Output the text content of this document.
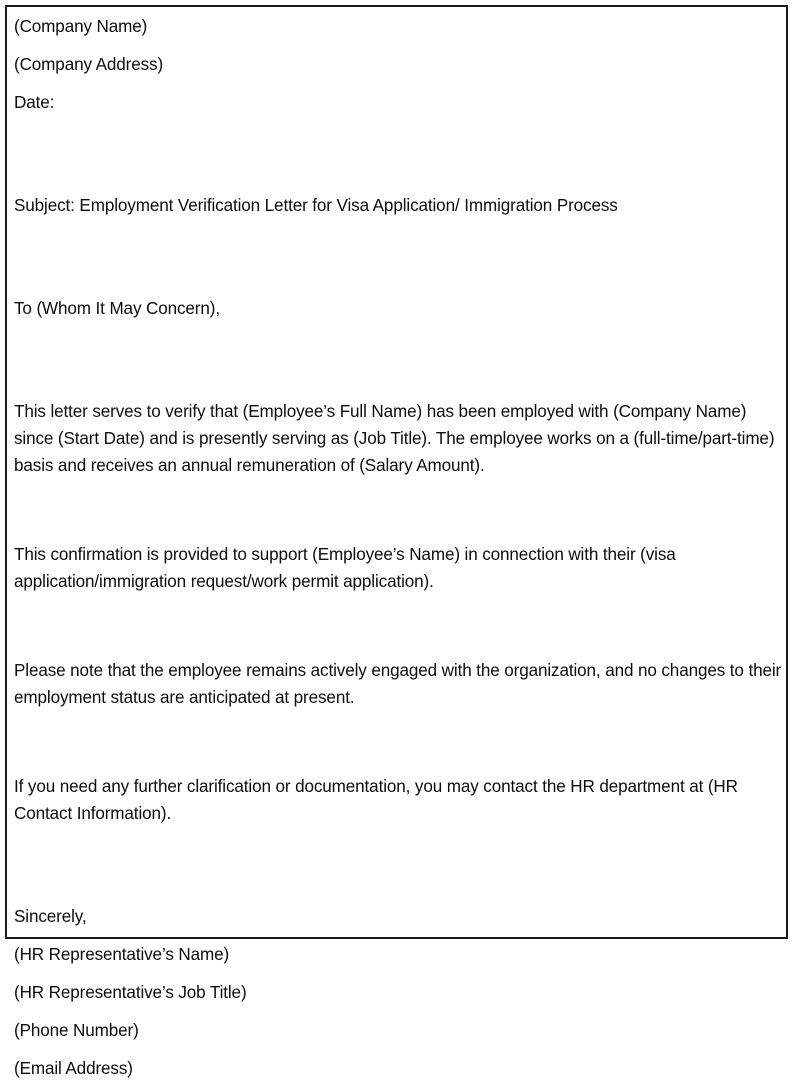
(Company Name)
(Company Address)
Date:
Subject: Employment Verification Letter for Visa Application/ Immigration Process
To (Whom It May Concern),
This letter serves to verify that (Employee’s Full Name) has been employed with (Company Name) since (Start Date) and is presently serving as (Job Title). The employee works on a (full-time/part-time) basis and receives an annual remuneration of (Salary Amount).
This confirmation is provided to support (Employee’s Name) in connection with their (visa application/immigration request/work permit application).
Please note that the employee remains actively engaged with the organization, and no changes to their employment status are anticipated at present.
If you need any further clarification or documentation, you may contact the HR department at (HR Contact Information).
Sincerely,
(HR Representative’s Name)
(HR Representative’s Job Title)
(Phone Number)
(Email Address)
